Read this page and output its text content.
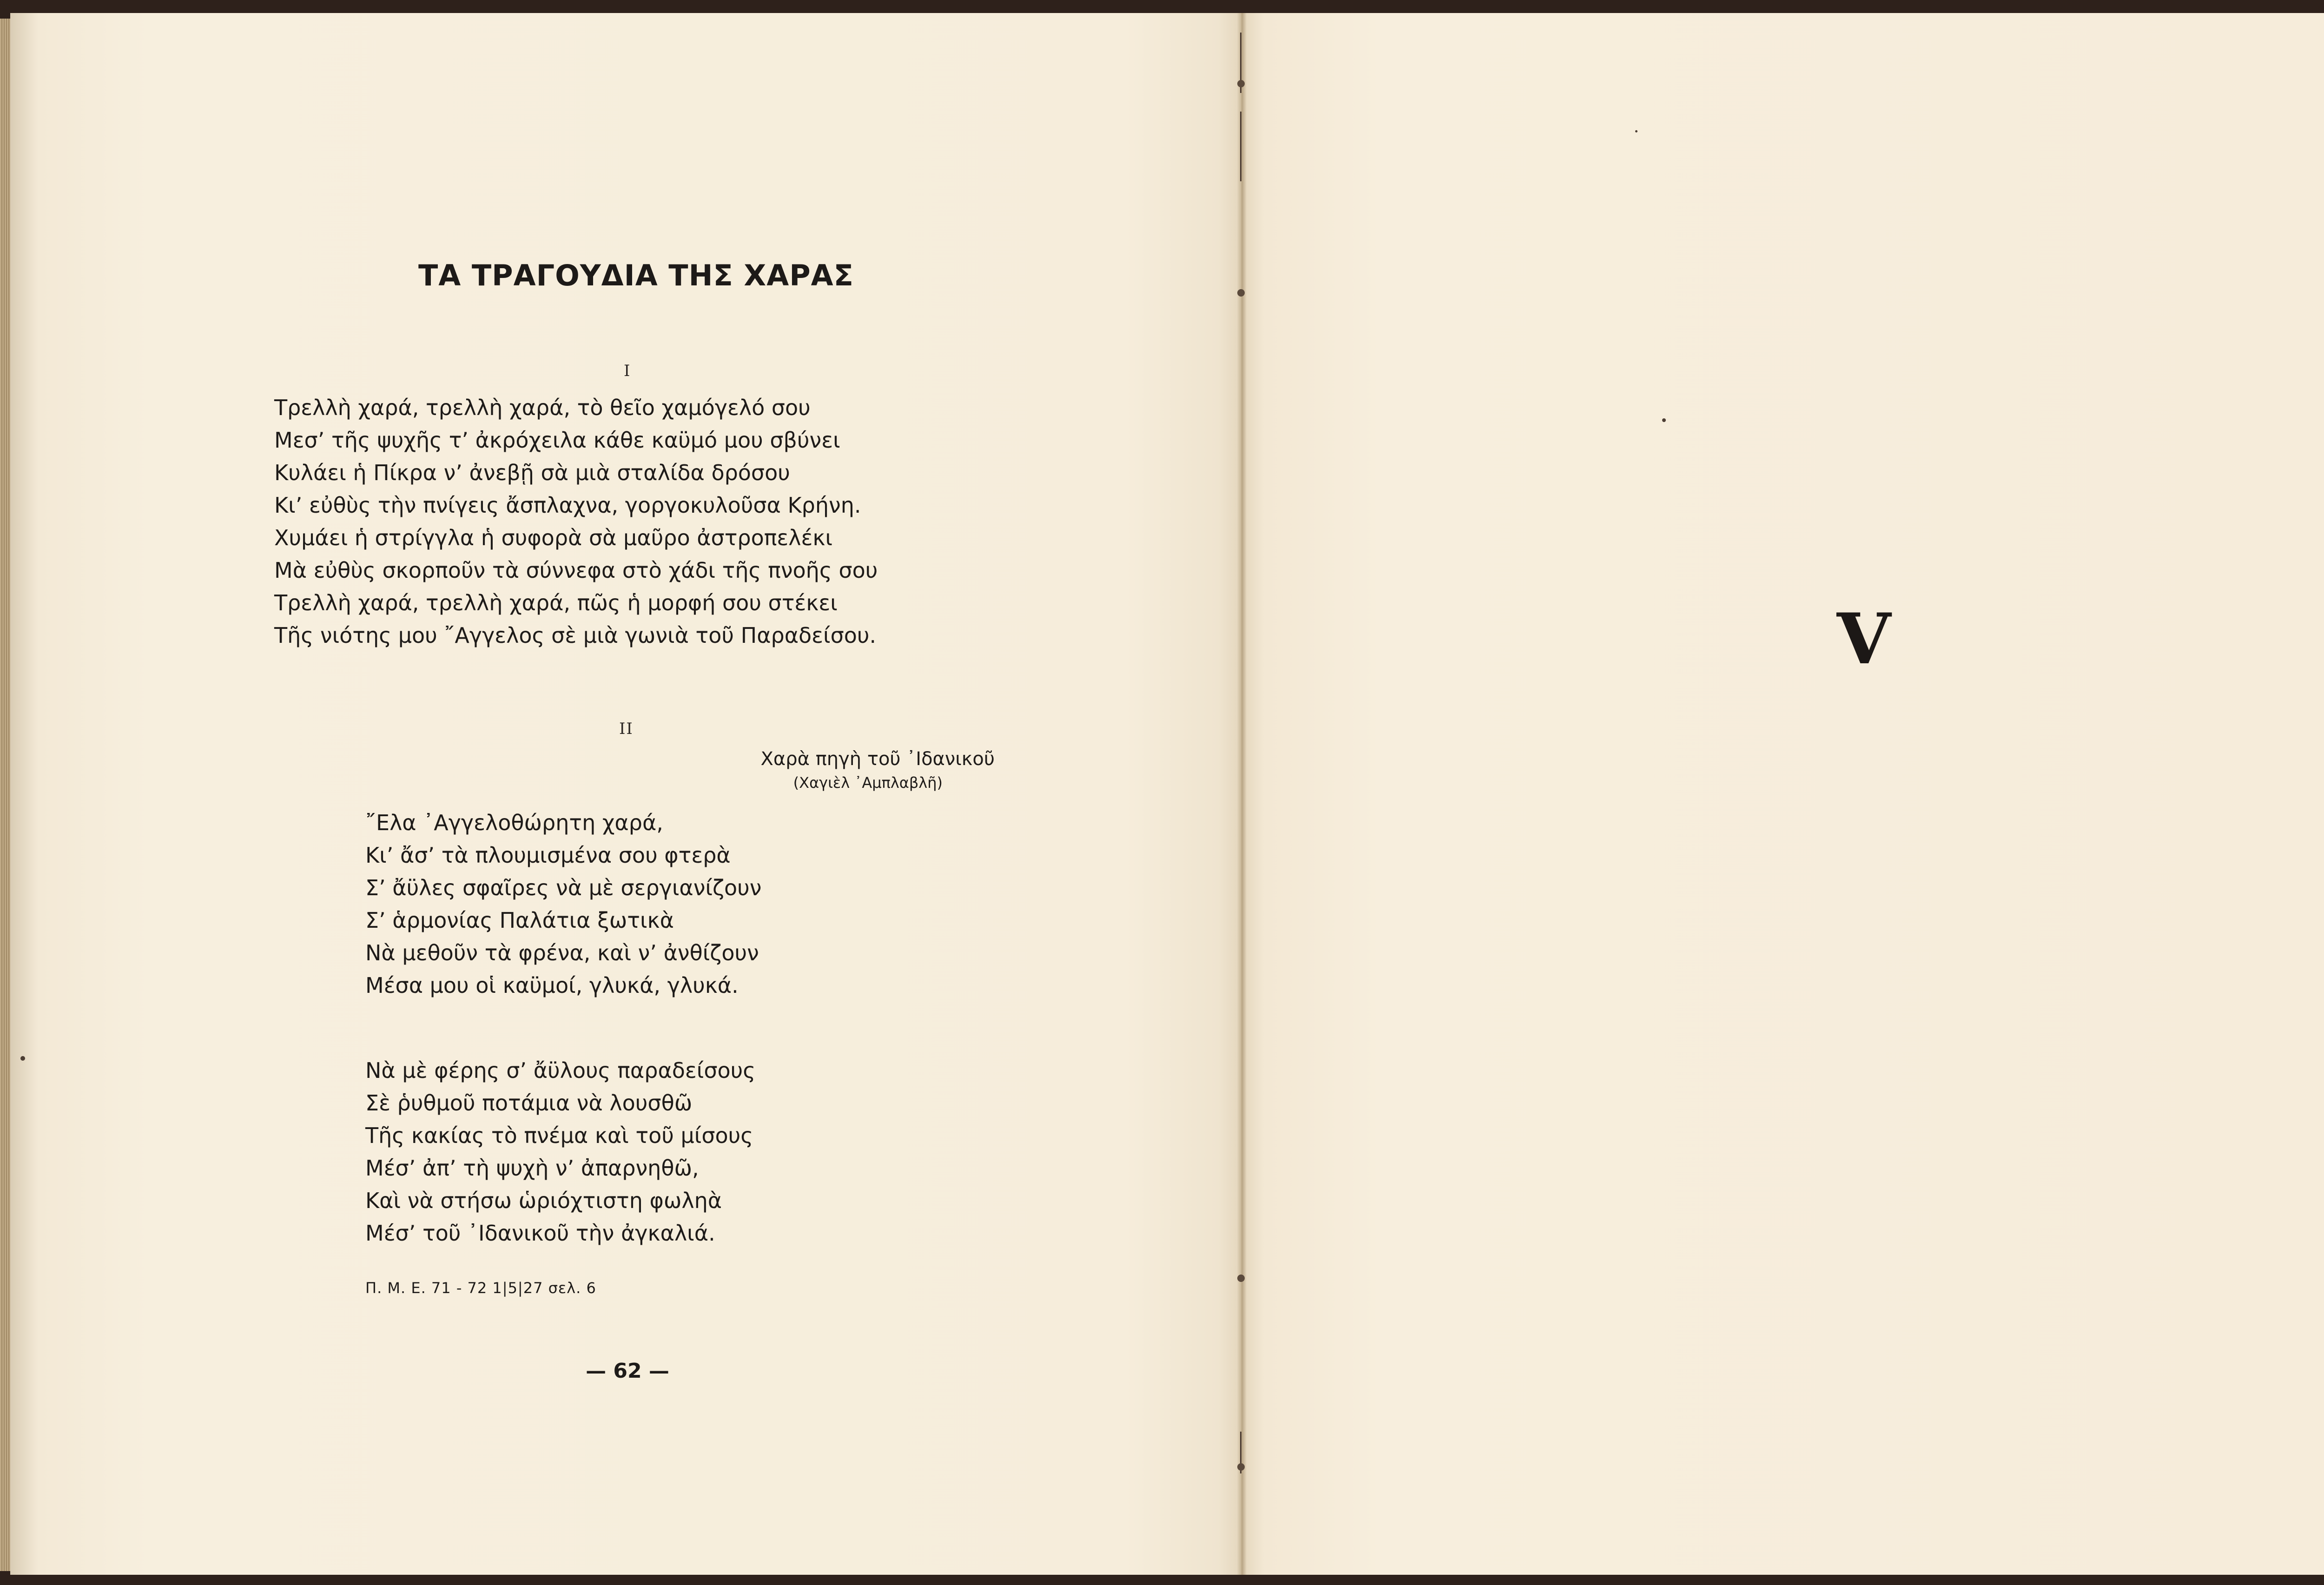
ΤΑ ΤΡΑΓΟΥΔΙΑ ΤΗΣ ΧΑΡΑΣ
Ι
Τρελλὴ χαρά, τρελλὴ χαρά, τὸ θεῖο χαμόγελό σου
Μεσ’ τῆς ψυχῆς τ’ ἀκρόχειλα κάθε καϋμό μου σβύνει
Κυλάει ἡ Πίκρα ν’ ἀνεβῇ σὰ μιὰ σταλίδα δρόσου
Κι’ εὐθὺς τὴν πνίγεις ἄσπλαχνα, γοργοκυλοῦσα Κρήνη.
Χυμάει ἡ στρίγγλα ἡ συφορὰ σὰ μαῦρο ἀστροπελέκι
Μὰ εὐθὺς σκορποῦν τὰ σύννεφα στὸ χάδι τῆς πνοῆς σου
Τρελλὴ χαρά, τρελλὴ χαρά, πῶς ἡ μορφή σου στέκει
Τῆς νιότης μου ῎Αγγελος σὲ μιὰ γωνιὰ τοῦ Παραδείσου.
ΙΙ
Χαρὰ πηγὴ τοῦ ᾿Ιδανικοῦ
(Χαγιὲλ ᾿Αμπλαβλῆ)
῎Ελα ᾿Αγγελοθώρητη χαρά,
Κι’ ἄσ’ τὰ πλουμισμένα σου φτερὰ
Σ’ ἄϋλες σφαῖρες νὰ μὲ σεργιανίζουν
Σ’ ἁρμονίας Παλάτια ξωτικὰ
Νὰ μεθοῦν τὰ φρένα, καὶ ν’ ἀνθίζουν
Μέσα μου οἱ καϋμοί, γλυκά, γλυκά.
Νὰ μὲ φέρης σ’ ἄϋλους παραδείσους
Σὲ ῥυθμοῦ ποτάμια νὰ λουσθῶ
Τῆς κακίας τὸ πνέμα καὶ τοῦ μίσους
Μέσ’ ἀπ’ τὴ ψυχὴ ν’ ἀπαρνηθῶ,
Καὶ νὰ στήσω ὡριόχτιστη φωληὰ
Μέσ’ τοῦ ᾿Ιδανικοῦ τὴν ἀγκαλιά.
Π. Μ. Ε. 71 - 72 1|5|27 σελ. 6
— 62 —
V
